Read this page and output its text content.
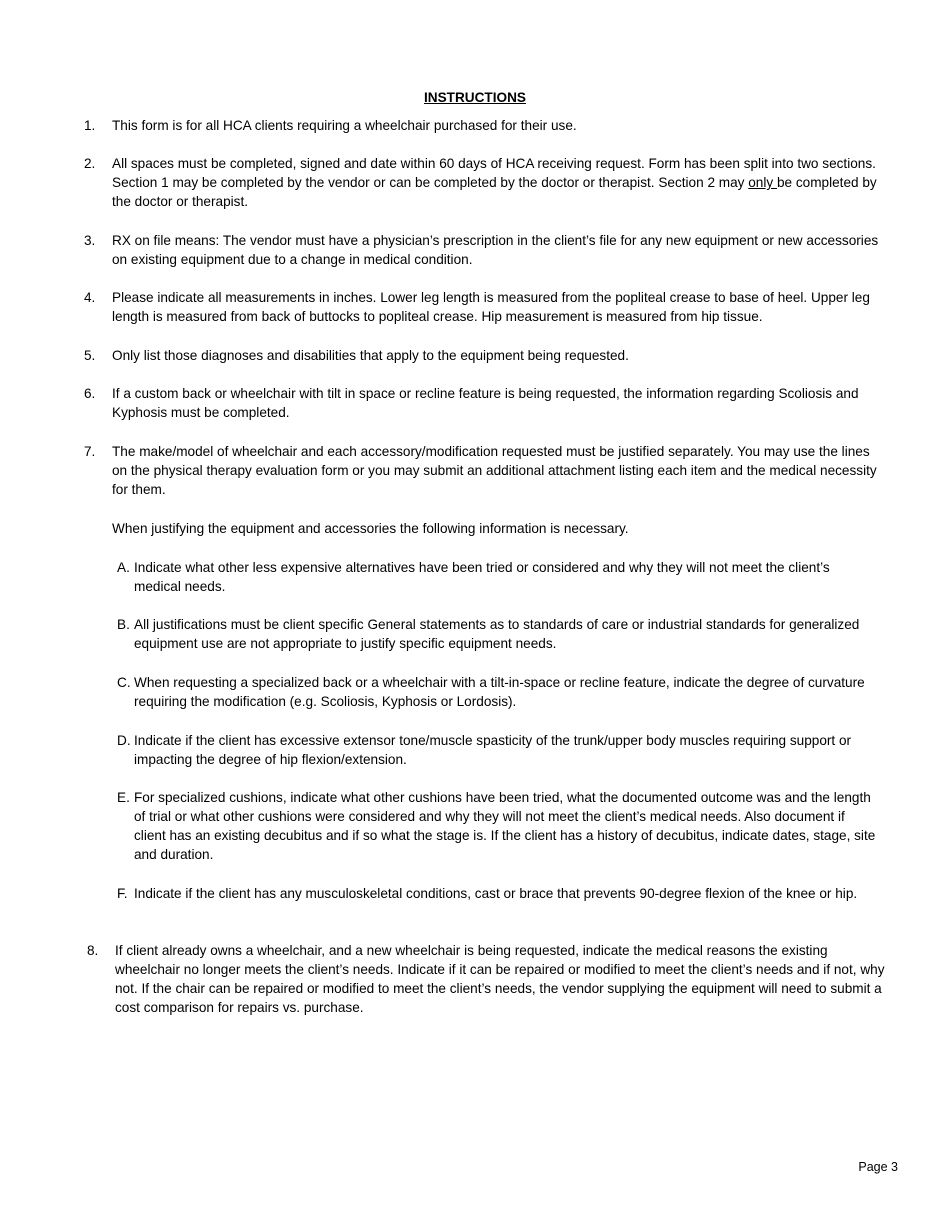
INSTRUCTIONS
1. This form is for all HCA clients requiring a wheelchair purchased for their use.
2. All spaces must be completed, signed and date within 60 days of HCA receiving request. Form has been split into two sections. Section 1 may be completed by the vendor or can be completed by the doctor or therapist. Section 2 may only be completed by the doctor or therapist.
3. RX on file means: The vendor must have a physician’s prescription in the client’s file for any new equipment or new accessories on existing equipment due to a change in medical condition.
4. Please indicate all measurements in inches. Lower leg length is measured from the popliteal crease to base of heel. Upper leg length is measured from back of buttocks to popliteal crease. Hip measurement is measured from hip tissue.
5. Only list those diagnoses and disabilities that apply to the equipment being requested.
6. If a custom back or wheelchair with tilt in space or recline feature is being requested, the information regarding Scoliosis and Kyphosis must be completed.
7. The make/model of wheelchair and each accessory/modification requested must be justified separately. You may use the lines on the physical therapy evaluation form or you may submit an additional attachment listing each item and the medical necessity for them.
When justifying the equipment and accessories the following information is necessary.
A. Indicate what other less expensive alternatives have been tried or considered and why they will not meet the client’s medical needs.
B. All justifications must be client specific General statements as to standards of care or industrial standards for generalized equipment use are not appropriate to justify specific equipment needs.
C. When requesting a specialized back or a wheelchair with a tilt-in-space or recline feature, indicate the degree of curvature requiring the modification (e.g. Scoliosis, Kyphosis or Lordosis).
D. Indicate if the client has excessive extensor tone/muscle spasticity of the trunk/upper body muscles requiring support or impacting the degree of hip flexion/extension.
E. For specialized cushions, indicate what other cushions have been tried, what the documented outcome was and the length of trial or what other cushions were considered and why they will not meet the client’s medical needs. Also document if client has an existing decubitus and if so what the stage is. If the client has a history of decubitus, indicate dates, stage, site and duration.
F. Indicate if the client has any musculoskeletal conditions, cast or brace that prevents 90-degree flexion of the knee or hip.
8. If client already owns a wheelchair, and a new wheelchair is being requested, indicate the medical reasons the existing wheelchair no longer meets the client’s needs. Indicate if it can be repaired or modified to meet the client’s needs and if not, why not. If the chair can be repaired or modified to meet the client’s needs, the vendor supplying the equipment will need to submit a cost comparison for repairs vs. purchase.
Page 3
